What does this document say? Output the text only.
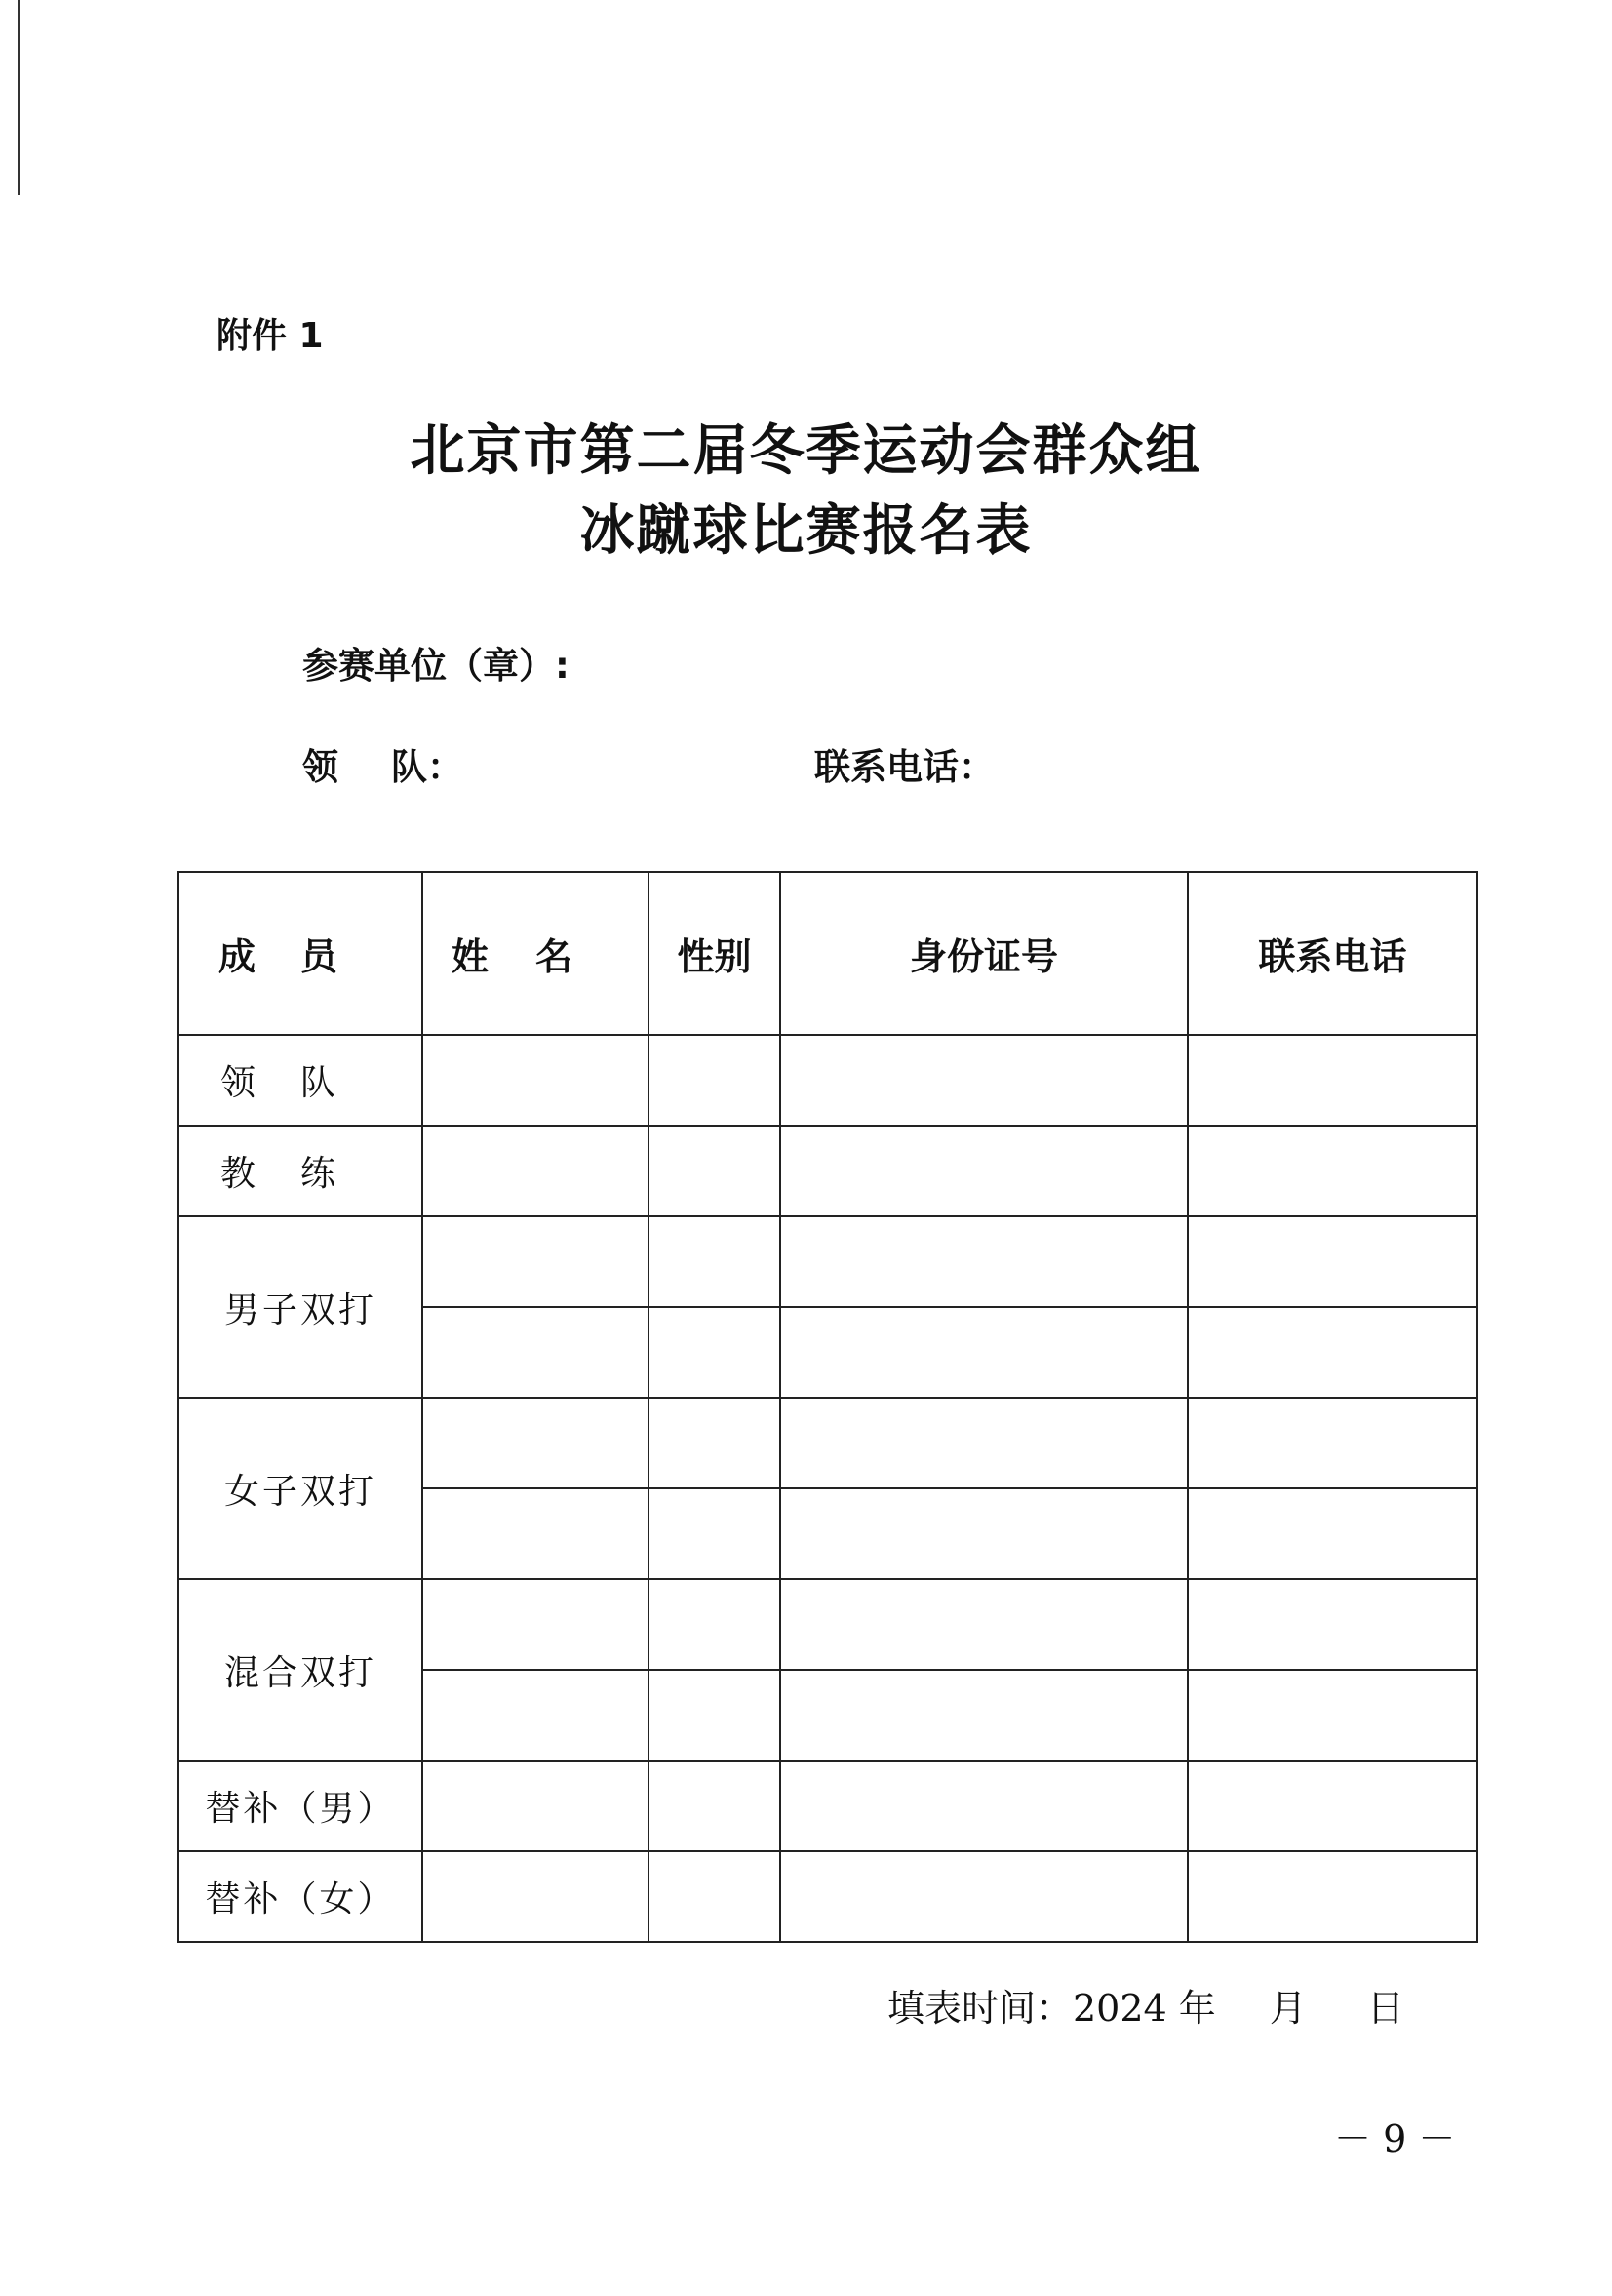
附件 1
北京市第二届冬季运动会群众组
冰蹴球比赛报名表
参赛单位（章）:
领 队：	联系电话：
成员	姓名	性别	身份证号	联系电话
领队				
教练				
男子双打				

女子双打				

混合双打				

替补（男）				
替补（女）				
填表时间：2024 年 月 日
－ 9 －
